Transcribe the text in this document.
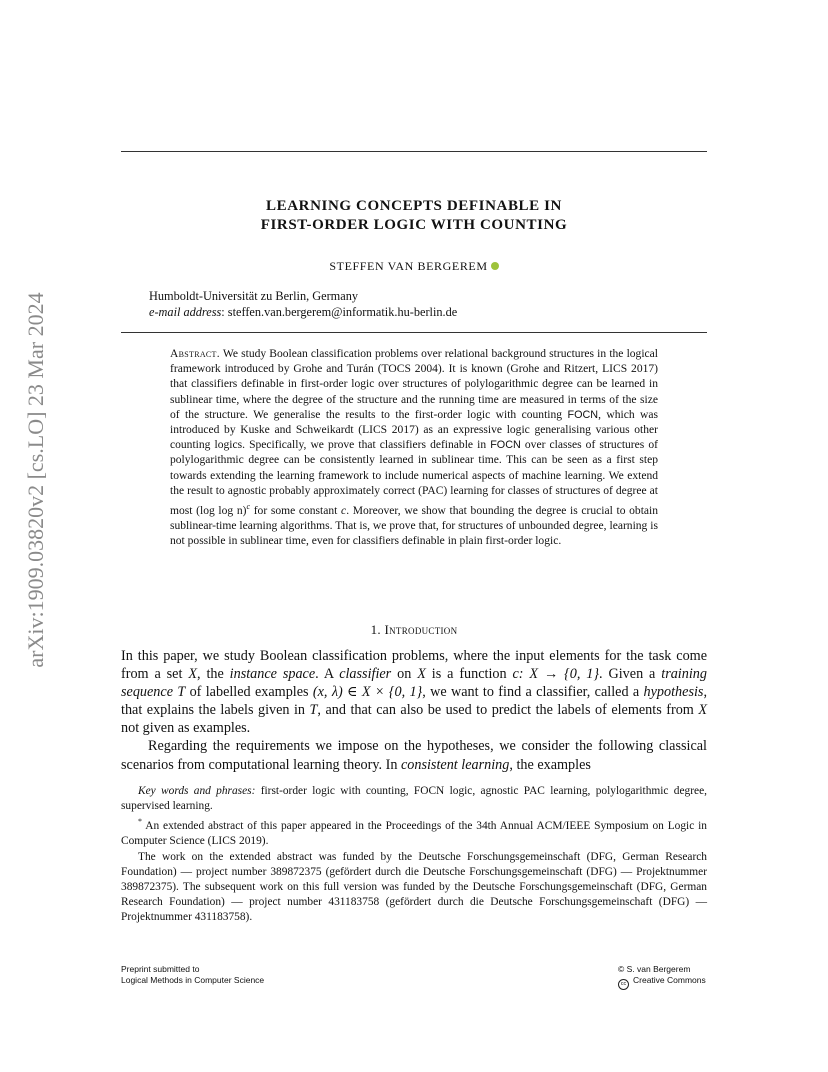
arXiv:1909.03820v2 [cs.LO] 23 Mar 2024
LEARNING CONCEPTS DEFINABLE IN
FIRST-ORDER LOGIC WITH COUNTING
STEFFEN VAN BERGEREM
Humboldt-Universität zu Berlin, Germany
e-mail address: steffen.van.bergerem@informatik.hu-berlin.de

Abstract. We study Boolean classification problems over relational background structures in the logical framework introduced by Grohe and Turán (TOCS 2004). It is known (Grohe and Ritzert, LICS 2017) that classifiers definable in first-order logic over structures of polylogarithmic degree can be learned in sublinear time, where the degree of the structure and the running time are measured in terms of the size of the structure. We generalise the results to the first-order logic with counting FOCN, which was introduced by Kuske and Schweikardt (LICS 2017) as an expressive logic generalising various other counting logics. Specifically, we prove that classifiers definable in FOCN over classes of structures of polylogarithmic degree can be consistently learned in sublinear time. This can be seen as a first step towards extending the learning framework to include numerical aspects of machine learning. We extend the result to agnostic probably approximately correct (PAC) learning for classes of structures of degree at most (log log n)$^c$ for some constant c. Moreover, we show that bounding the degree is crucial to obtain sublinear-time learning algorithms. That is, we prove that, for structures of unbounded degree, learning is not possible in sublinear time, even for classifiers definable in plain first-order logic.

1. Introduction

In this paper, we study Boolean classification problems, where the input elements for the task come from a set X, the instance space. A classifier on X is a function c: X → {0, 1}. Given a training sequence T of labelled examples (x, λ) ∈ X × {0, 1}, we want to find a classifier, called a hypothesis, that explains the labels given in T, and that can also be used to predict the labels of elements from X not given as examples.

Regarding the requirements we impose on the hypotheses, we consider the following classical scenarios from computational learning theory. In consistent learning, the examples

Key words and phrases: first-order logic with counting, FOCN logic, agnostic PAC learning, polylogarithmic degree, supervised learning.

* An extended abstract of this paper appeared in the Proceedings of the 34th Annual ACM/IEEE Symposium on Logic in Computer Science (LICS 2019).

The work on the extended abstract was funded by the Deutsche Forschungsgemeinschaft (DFG, German Research Foundation) — project number 389872375 (gefördert durch die Deutsche Forschungsgemeinschaft (DFG) — Projektnummer 389872375). The subsequent work on this full version was funded by the Deutsche Forschungsgemeinschaft (DFG, German Research Foundation) — project number 431183758 (gefördert durch die Deutsche Forschungsgemeinschaft (DFG) — Projektnummer 431183758).

Preprint submitted to
Logical Methods in Computer Science
© S. van Bergerem
cc Creative Commons
